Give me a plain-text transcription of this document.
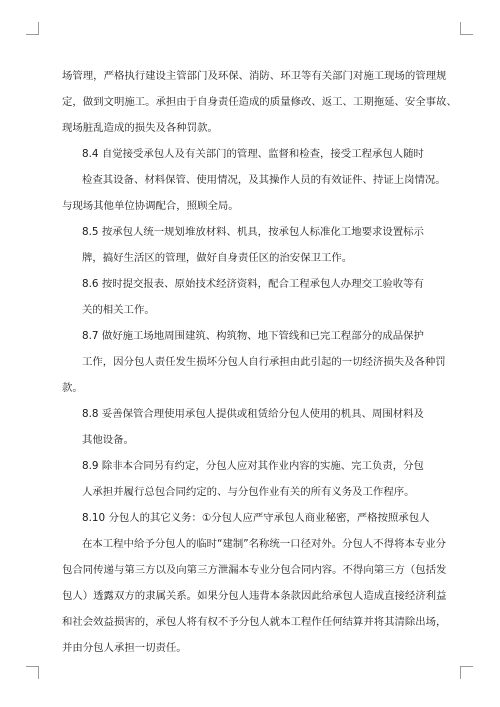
场管理，严格执行建设主管部门及环保、消防、环卫等有关部门对施工现场的管理规
定，做到文明施工。承担由于自身责任造成的质量修改、返工、工期拖延、安全事故、
现场脏乱造成的损失及各种罚款。
8.4 自觉接受承包人及有关部门的管理、监督和检查，接受工程承包人随时
检查其设备、材料保管、使用情况，及其操作人员的有效证件、持证上岗情况。
与现场其他单位协调配合，照顾全局。
8.5 按承包人统一规划堆放材料、机具，按承包人标准化工地要求设置标示
牌，搞好生活区的管理，做好自身责任区的治安保卫工作。
8.6 按时提交报表、原始技术经济资料，配合工程承包人办理交工验收等有
关的相关工作。
8.7 做好施工场地周围建筑、构筑物、地下管线和已完工程部分的成品保护
工作，因分包人责任发生损坏分包人自行承担由此引起的一切经济损失及各种罚
款。
8.8 妥善保管合理使用承包人提供或租赁给分包人使用的机具、周围材料及
其他设备。
8.9 除非本合同另有约定，分包人应对其作业内容的实施、完工负责，分包
人承担并履行总包合同约定的、与分包作业有关的所有义务及工作程序。
8.10 分包人的其它义务：①分包人应严守承包人商业秘密，严格按照承包人
在本工程中给予分包人的临时“建制”名称统一口径对外。分包人不得将本专业分
包合同传递与第三方以及向第三方泄漏本专业分包合同内容。不得向第三方（包括发
包人）透露双方的隶属关系。如果分包人违背本条款因此给承包人造成直接经济利益
和社会效益损害的，承包人将有权不予分包人就本工程作任何结算并将其清除出场，
并由分包人承担一切责任。
